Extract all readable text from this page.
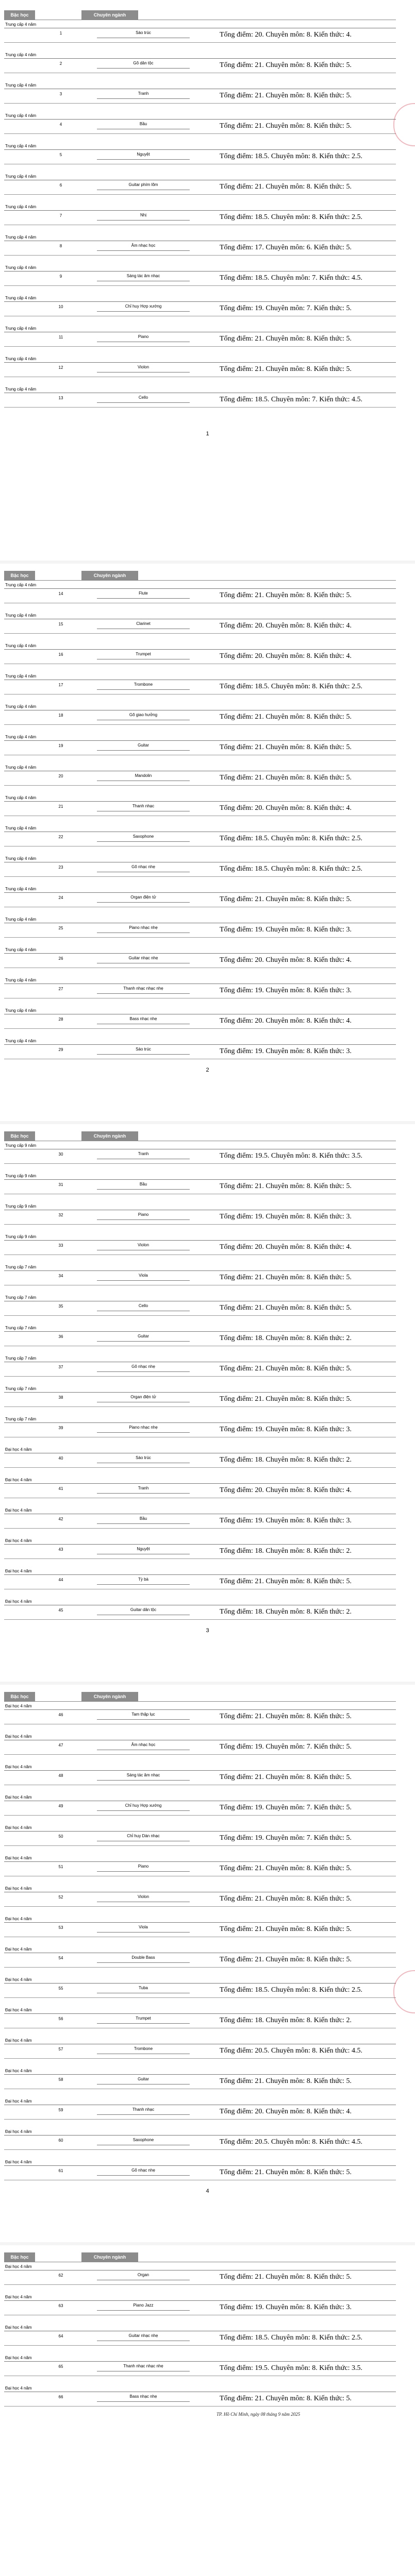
Bậc học	Chuyên ngành
Trung cấp 4 năm
1	Sáo trúc	Tổng điểm: 20. Chuyên môn: 8. Kiến thức: 4.
Trung cấp 4 năm
2	Gõ dân tộc	Tổng điểm: 21. Chuyên môn: 8. Kiến thức: 5.
Trung cấp 4 năm
3	Tranh	Tổng điểm: 21. Chuyên môn: 8. Kiến thức: 5.
Trung cấp 4 năm
4	Bầu	Tổng điểm: 21. Chuyên môn: 8. Kiến thức: 5.
Trung cấp 4 năm
5	Nguyệt	Tổng điểm: 18.5. Chuyên môn: 8. Kiến thức: 2.5.
Trung cấp 4 năm
6	Guitar phím lõm	Tổng điểm: 21. Chuyên môn: 8. Kiến thức: 5.
Trung cấp 4 năm
7	Nhị	Tổng điểm: 18.5. Chuyên môn: 8. Kiến thức: 2.5.
Trung cấp 4 năm
8	Âm nhạc học	Tổng điểm: 17. Chuyên môn: 6. Kiến thức: 5.
Trung cấp 4 năm
9	Sáng tác âm nhạc	Tổng điểm: 18.5. Chuyên môn: 7. Kiến thức: 4.5.
Trung cấp 4 năm
10	Chỉ huy Hợp xướng	Tổng điểm: 19. Chuyên môn: 7. Kiến thức: 5.
Trung cấp 4 năm
11	Piano	Tổng điểm: 21. Chuyên môn: 8. Kiến thức: 5.
Trung cấp 4 năm
12	Violon	Tổng điểm: 21. Chuyên môn: 8. Kiến thức: 5.
Trung cấp 4 năm
13	Cello	Tổng điểm: 18.5. Chuyên môn: 7. Kiến thức: 4.5.
1
Bậc học	Chuyên ngành
Trung cấp 4 năm
14	Flute	Tổng điểm: 21. Chuyên môn: 8. Kiến thức: 5.
Trung cấp 4 năm
15	Clarinet	Tổng điểm: 20. Chuyên môn: 8. Kiến thức: 4.
Trung cấp 4 năm
16	Trumpet	Tổng điểm: 20. Chuyên môn: 8. Kiến thức: 4.
Trung cấp 4 năm
17	Trombone	Tổng điểm: 18.5. Chuyên môn: 8. Kiến thức: 2.5.
Trung cấp 4 năm
18	Gõ giao hưởng	Tổng điểm: 21. Chuyên môn: 8. Kiến thức: 5.
Trung cấp 4 năm
19	Guitar	Tổng điểm: 21. Chuyên môn: 8. Kiến thức: 5.
Trung cấp 4 năm
20	Mandolin	Tổng điểm: 21. Chuyên môn: 8. Kiến thức: 5.
Trung cấp 4 năm
21	Thanh nhạc	Tổng điểm: 20. Chuyên môn: 8. Kiến thức: 4.
Trung cấp 4 năm
22	Saxophone	Tổng điểm: 18.5. Chuyên môn: 8. Kiến thức: 2.5.
Trung cấp 4 năm
23	Gõ nhạc nhẹ	Tổng điểm: 18.5. Chuyên môn: 8. Kiến thức: 2.5.
Trung cấp 4 năm
24	Organ điện tử	Tổng điểm: 21. Chuyên môn: 8. Kiến thức: 5.
Trung cấp 4 năm
25	Piano nhạc nhẹ	Tổng điểm: 19. Chuyên môn: 8. Kiến thức: 3.
Trung cấp 4 năm
26	Guitar nhạc nhẹ	Tổng điểm: 20. Chuyên môn: 8. Kiến thức: 4.
Trung cấp 4 năm
27	Thanh nhạc nhạc nhẹ	Tổng điểm: 19. Chuyên môn: 8. Kiến thức: 3.
Trung cấp 4 năm
28	Bass nhạc nhẹ	Tổng điểm: 20. Chuyên môn: 8. Kiến thức: 4.
Trung cấp 4 năm
29	Sáo trúc	Tổng điểm: 19. Chuyên môn: 8. Kiến thức: 3.
2
Bậc học	Chuyên ngành
Trung cấp 9 năm
30	Tranh	Tổng điểm: 19.5. Chuyên môn: 8. Kiến thức: 3.5.
Trung cấp 9 năm
31	Bầu	Tổng điểm: 21. Chuyên môn: 8. Kiến thức: 5.
Trung cấp 9 năm
32	Piano	Tổng điểm: 19. Chuyên môn: 8. Kiến thức: 3.
Trung cấp 9 năm
33	Violon	Tổng điểm: 20. Chuyên môn: 8. Kiến thức: 4.
Trung cấp 7 năm
34	Viola	Tổng điểm: 21. Chuyên môn: 8. Kiến thức: 5.
Trung cấp 7 năm
35	Cello	Tổng điểm: 21. Chuyên môn: 8. Kiến thức: 5.
Trung cấp 7 năm
36	Guitar	Tổng điểm: 18. Chuyên môn: 8. Kiến thức: 2.
Trung cấp 7 năm
37	Gõ nhạc nhẹ	Tổng điểm: 21. Chuyên môn: 8. Kiến thức: 5.
Trung cấp 7 năm
38	Organ điện tử	Tổng điểm: 21. Chuyên môn: 8. Kiến thức: 5.
Trung cấp 7 năm
39	Piano nhạc nhẹ	Tổng điểm: 19. Chuyên môn: 8. Kiến thức: 3.
Đại học 4 năm
40	Sáo trúc	Tổng điểm: 18. Chuyên môn: 8. Kiến thức: 2.
Đại học 4 năm
41	Tranh	Tổng điểm: 20. Chuyên môn: 8. Kiến thức: 4.
Đại học 4 năm
42	Bầu	Tổng điểm: 19. Chuyên môn: 8. Kiến thức: 3.
Đại học 4 năm
43	Nguyệt	Tổng điểm: 18. Chuyên môn: 8. Kiến thức: 2.
Đại học 4 năm
44	Tỳ bà	Tổng điểm: 21. Chuyên môn: 8. Kiến thức: 5.
Đại học 4 năm
45	Guitar dân tộc	Tổng điểm: 18. Chuyên môn: 8. Kiến thức: 2.
3
Bậc học	Chuyên ngành
Đại học 4 năm
46	Tam thập lục	Tổng điểm: 21. Chuyên môn: 8. Kiến thức: 5.
Đại học 4 năm
47	Âm nhạc học	Tổng điểm: 19. Chuyên môn: 7. Kiến thức: 5.
Đại học 4 năm
48	Sáng tác âm nhạc	Tổng điểm: 21. Chuyên môn: 8. Kiến thức: 5.
Đại học 4 năm
49	Chỉ huy Hợp xướng	Tổng điểm: 19. Chuyên môn: 7. Kiến thức: 5.
Đại học 4 năm
50	Chỉ huy Dàn nhạc	Tổng điểm: 19. Chuyên môn: 7. Kiến thức: 5.
Đại học 4 năm
51	Piano	Tổng điểm: 21. Chuyên môn: 8. Kiến thức: 5.
Đại học 4 năm
52	Violon	Tổng điểm: 21. Chuyên môn: 8. Kiến thức: 5.
Đại học 4 năm
53	Viola	Tổng điểm: 21. Chuyên môn: 8. Kiến thức: 5.
Đại học 4 năm
54	Double Bass	Tổng điểm: 21. Chuyên môn: 8. Kiến thức: 5.
Đại học 4 năm
55	Tuba	Tổng điểm: 18.5. Chuyên môn: 8. Kiến thức: 2.5.
Đại học 4 năm
56	Trumpet	Tổng điểm: 18. Chuyên môn: 8. Kiến thức: 2.
Đại học 4 năm
57	Trombone	Tổng điểm: 20.5. Chuyên môn: 8. Kiến thức: 4.5.
Đại học 4 năm
58	Guitar	Tổng điểm: 21. Chuyên môn: 8. Kiến thức: 5.
Đại học 4 năm
59	Thanh nhạc	Tổng điểm: 20. Chuyên môn: 8. Kiến thức: 4.
Đại học 4 năm
60	Saxophone	Tổng điểm: 20.5. Chuyên môn: 8. Kiến thức: 4.5.
Đại học 4 năm
61	Gõ nhạc nhẹ	Tổng điểm: 21. Chuyên môn: 8. Kiến thức: 5.
4
Bậc học	Chuyên ngành
Đại học 4 năm
62	Organ	Tổng điểm: 21. Chuyên môn: 8. Kiến thức: 5.
Đại học 4 năm
63	Piano Jazz	Tổng điểm: 19. Chuyên môn: 8. Kiến thức: 3.
Đại học 4 năm
64	Guitar nhạc nhẹ	Tổng điểm: 18.5. Chuyên môn: 8. Kiến thức: 2.5.
Đại học 4 năm
65	Thanh nhạc nhạc nhẹ	Tổng điểm: 19.5. Chuyên môn: 8. Kiến thức: 3.5.
Đại học 4 năm
66	Bass nhạc nhẹ	Tổng điểm: 21. Chuyên môn: 8. Kiến thức: 5.
TP. Hồ Chí Minh, ngày 08 tháng 9 năm 2025
